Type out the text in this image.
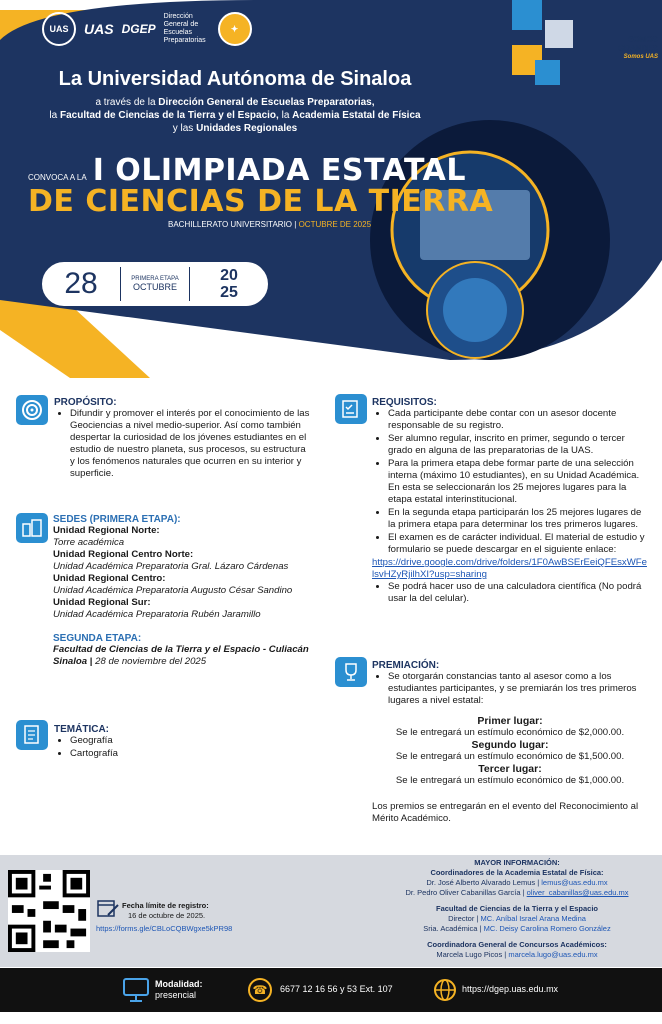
UAS	UAS DGEP
Dirección General de Escuelas Preparatorias
✦
SOMOS GRANDES
Somos UAS
La Universidad Autónoma de Sinaloa
a través de la Dirección General de Escuelas Preparatorias,
la Facultad de Ciencias de la Tierra y el Espacio, la Academia Estatal de Física
y las Unidades Regionales
CONVOCA A LA I OLIMPIADA ESTATAL
DE CIENCIAS DE LA TIERRA
BACHILLERATO UNIVERSITARIO | OCTUBRE DE 2025
28	PRIMERA ETAPA
OCTUBRE
20
25
PROPÓSITO:
• Difundir y promover el interés por el conocimiento de las Geociencias a nivel medio-superior. Así como también despertar la curiosidad de los jóvenes estudiantes en el estudio de nuestro planeta, sus procesos, su estructura y los fenómenos naturales que ocurren en su interior y superficie.
SEDES (PRIMERA ETAPA):
Unidad Regional Norte:
Torre académica
Unidad Regional Centro Norte:
Unidad Académica Preparatoria Gral. Lázaro Cárdenas
Unidad Regional Centro:
Unidad Académica Preparatoria Augusto César Sandino
Unidad Regional Sur:
Unidad Académica Preparatoria Rubén Jaramillo
SEGUNDA ETAPA:
Facultad de Ciencias de la Tierra y el Espacio - Culiacán Sinaloa | 28 de noviembre del 2025
TEMÁTICA:
• Geografía
• Cartografía
REQUISITOS:
• Cada participante debe contar con un asesor docente responsable de su registro.
• Ser alumno regular, inscrito en primer, segundo o tercer grado en alguna de las preparatorias de la UAS.
• Para la primera etapa debe formar parte de una selección interna (máximo 10 estudiantes), en su Unidad Académica. En esta se seleccionarán los 25 mejores lugares para la etapa estatal interinstitucional.
• En la segunda etapa participarán los 25 mejores lugares de la primera etapa para determinar los tres primeros lugares.
• El examen es de carácter individual. El material de estudio y formulario se puede descargar en el siguiente enlace:
https://drive.google.com/drive/folders/1F0AwBSErEeiQFEsxWFelsvHZyRjilhXI?usp=sharing
• Se podrá hacer uso de una calculadora científica (No podrá usar la del celular).
PREMIACIÓN:
• Se otorgarán constancias tanto al asesor como a los estudiantes participantes, y se premiarán los tres primeros lugares a nivel estatal:
Primer lugar:
Se le entregará un estímulo económico de $2,000.00.
Segundo lugar:
Se le entregará un estímulo económico de $1,500.00.
Tercer lugar:
Se le entregará un estímulo económico de $1,000.00.
Los premios se entregarán en el evento del Reconocimiento al Mérito Académico.
Fecha límite de registro:
16 de octubre de 2025.
https://forms.gle/CBLoCQBWgxe5kPR98
MAYOR INFORMACIÓN:
Coordinadores de la Academia Estatal de Física:
Dr. José Alberto Alvarado Lemus | lemus@uas.edu.mx
Dr. Pedro Oliver Cabanillas García | oliver_cabanillas@uas.edu.mx
Facultad de Ciencias de la Tierra y el Espacio
Director | MC. Aníbal Israel Arana Medina
Sria. Académica | MC. Deisy Carolina Romero González
Coordinadora General de Concursos Académicos:
Marcela Lugo Picos | marcela.lugo@uas.edu.mx
Modalidad:
presencial	☎	6677 12 16 56 y 53 Ext. 107	https://dgep.uas.edu.mx
